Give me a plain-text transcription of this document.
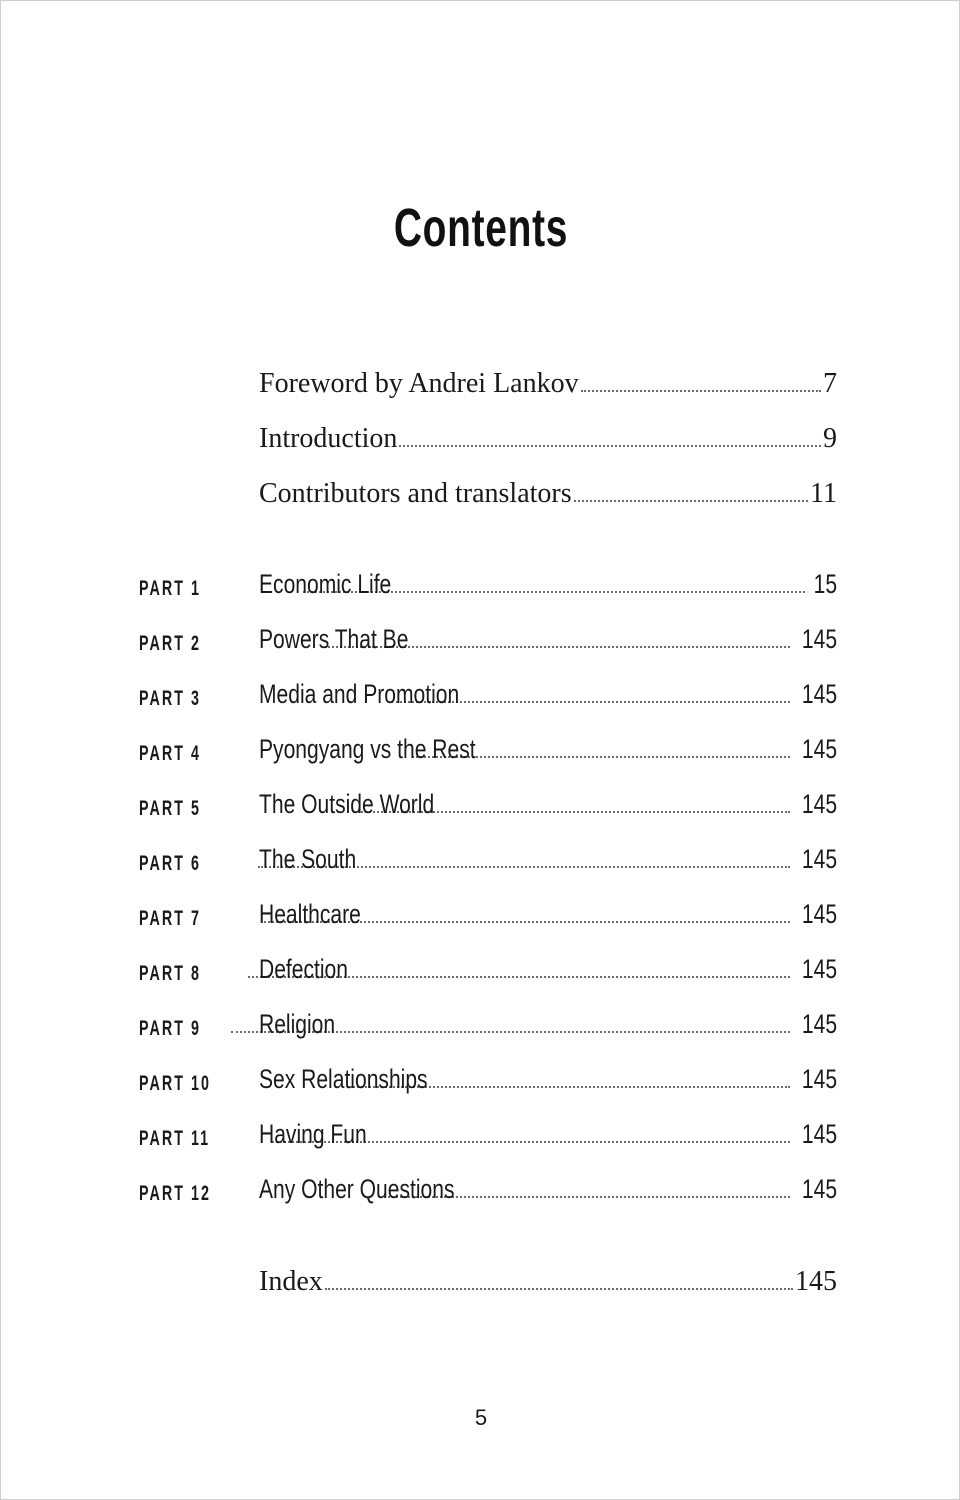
Contents
Foreword by Andrei Lankov	7
Introduction	9
Contributors and translators	11
PART 1 Economic Life	15
PART 2 Powers That Be	145
PART 3 Media and Promotion	145
PART 4 Pyongyang vs the Rest	145
PART 5 The Outside World	145
PART 6 The South	145
PART 7 Healthcare	145
PART 8 Defection	145
PART 9 Religion	145
PART 10 Sex Relationships	145
PART 11 Having Fun	145
PART 12 Any Other Questions	145
Index	145
5
